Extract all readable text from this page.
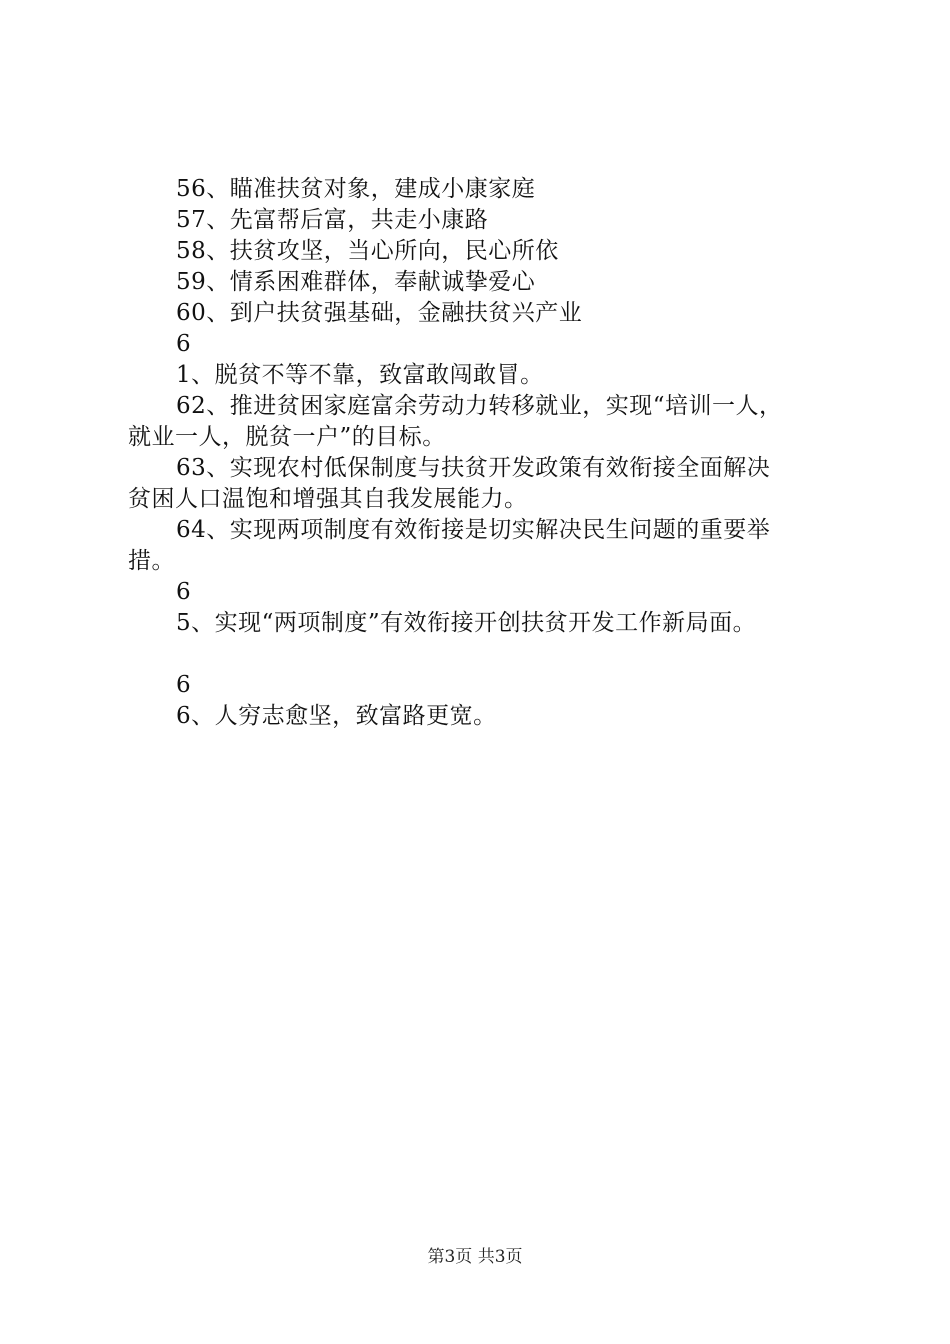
56、瞄准扶贫对象，建成小康家庭
57、先富帮后富，共走小康路
58、扶贫攻坚，当心所向，民心所依
59、情系困难群体，奉献诚挚爱心
60、到户扶贫强基础，金融扶贫兴产业
6
1、脱贫不等不靠，致富敢闯敢冒。
62、推进贫困家庭富余劳动力转移就业，实现“培训一人，
就业一人，脱贫一户”的目标。
63、实现农村低保制度与扶贫开发政策有效衔接全面解决
贫困人口温饱和增强其自我发展能力。
64、实现两项制度有效衔接是切实解决民生问题的重要举
措。
6
5、实现“两项制度”有效衔接开创扶贫开发工作新局面。
6
6、人穷志愈坚，致富路更宽。
第3页 共3页
